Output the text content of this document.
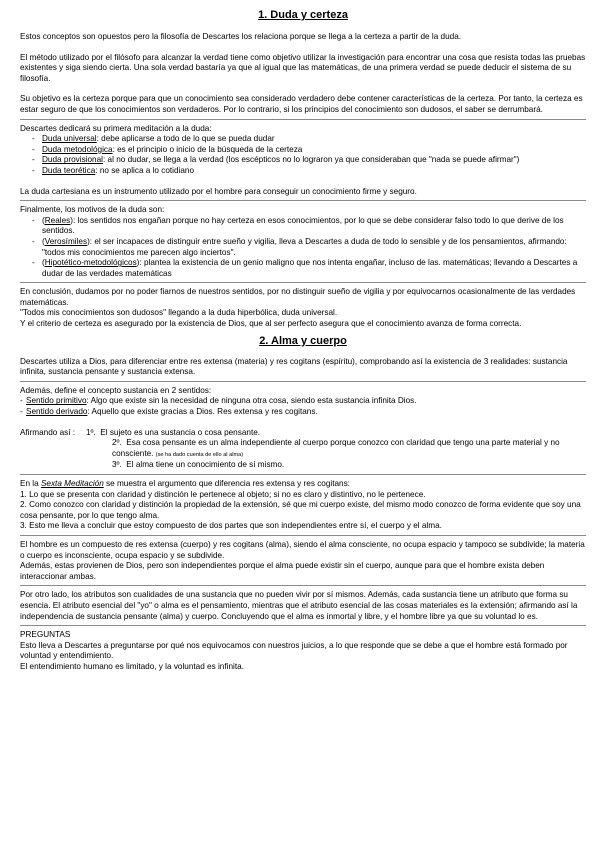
1. Duda y certeza

Estos conceptos son opuestos pero la filosofía de Descartes los relaciona porque se llega a la certeza a partir de la duda.

El método utilizado por el filósofo para alcanzar la verdad tiene como objetivo utilizar la investigación para encontrar una cosa que resista todas las pruebas existentes y siga siendo cierta. Una sola verdad bastaría ya que al igual que las matemáticas, de una primera verdad se puede deducir el sistema de su filosofía.

Su objetivo es la certeza porque para que un conocimiento sea considerado verdadero debe contener características de la certeza. Por tanto, la certeza es estar seguro de que los conocimientos son verdaderos. Por lo contrario, si los principios del conocimiento son dudosos, el saber se derrumbará.

Descartes dedicará su primera meditación a la duda:

- Duda universal: debe aplicarse a todo de lo que se pueda dudar
- Duda metodológica: es el principio o inicio de la búsqueda de la certeza
- Duda provisional: al no dudar, se llega a la verdad (los escépticos no lo lograron ya que consideraban que "nada se puede afirmar")
- Duda teorética: no se aplica a lo cotidiano

La duda cartesiana es un instrumento utilizado por el hombre para conseguir un conocimiento firme y seguro.

Finalmente, los motivos de la duda son:

- (Reales): los sentidos nos engañan porque no hay certeza en esos conocimientos, por lo que se debe considerar falso todo lo que derive de los sentidos.
- (Verosímiles): el ser incapaces de distinguir entre sueño y vigilia, lleva a Descartes a duda de todo lo sensible y de los pensamientos, afirmando: "todos mis conocimientos me parecen algo inciertos".
- (Hipotético-metodológicos): plantea la existencia de un genio maligno que nos intenta engañar, incluso de las. matemáticas; llevando a Descartes a dudar de las verdades matemáticas

En conclusión, dudamos por no poder fiarnos de nuestros sentidos, por no distinguir sueño de vigilia y por equivocarnos ocasionalmente de las verdades matemáticas.

"Todos mis conocimientos son dudosos" llegando a la duda hiperbólica, duda universal.

Y el criterio de certeza es asegurado por la existencia de Dios, que al ser perfecto asegura que el conocimiento avanza de forma correcta.

2. Alma y cuerpo

Descartes utiliza a Dios, para diferenciar entre res extensa (materia) y res cogitans (espíritu), comprobando así la existencia de 3 realidades: sustancia infinita, sustancia pensante y sustancia extensa.

Además, define el concepto sustancia en 2 sentidos:

- Sentido primitivo: Algo que existe sin la necesidad de ninguna otra cosa, siendo esta sustancia infinita Dios.
- Sentido derivado: Aquello que existe gracias a Dios. Res extensa y res cogitans.
Afirmando así :	1º. El sujeto es una sustancia o cosa pensante.
2º. Esa cosa pensante es un alma independiente al cuerpo porque conozco con claridad que tengo una parte material y no consciente. (se ha dado cuenta de ello al alma)
3º. El alma tiene un conocimiento de sí mismo.

En la Sexta Meditación se muestra el argumento que diferencia res extensa y res cogitans:

1. Lo que se presenta con claridad y distinción le pertenece al objeto; si no es claro y distintivo, no le pertenece.

2. Como conozco con claridad y distinción la propiedad de la extensión, sé que mi cuerpo existe, del mismo modo conozco de forma evidente que soy una cosa pensante, por lo que tengo alma.

3. Esto me lleva a concluir que estoy compuesto de dos partes que son independientes entre sí, el cuerpo y el alma.

El hombre es un compuesto de res extensa (cuerpo) y res cogitans (alma), siendo el alma consciente, no ocupa espacio y tampoco se subdivide; la materia o cuerpo es inconsciente, ocupa espacio y se subdivide.

Además, estas provienen de Dios, pero son independientes porque el alma puede existir sin el cuerpo, aunque para que el hombre exista deben interaccionar ambas.

Por otro lado, los atributos son cualidades de una sustancia que no pueden vivir por sí mismos. Además, cada sustancia tiene un atributo que forma su esencia. El atributo esencial del "yo" o alma es el pensamiento, mientras que el atributo esencial de las cosas materiales es la extensión; afirmando así la independencia de sustancia pensante (alma) y cuerpo. Concluyendo que el alma es inmortal y libre, y el hombre libre ya que su voluntad lo es.

PREGUNTAS

Esto lleva a Descartes a preguntarse por qué nos equivocamos con nuestros juicios, a lo que responde que se debe a que el hombre está formado por voluntad y entendimiento.

El entendimiento humano es limitado, y la voluntad es infinita.
